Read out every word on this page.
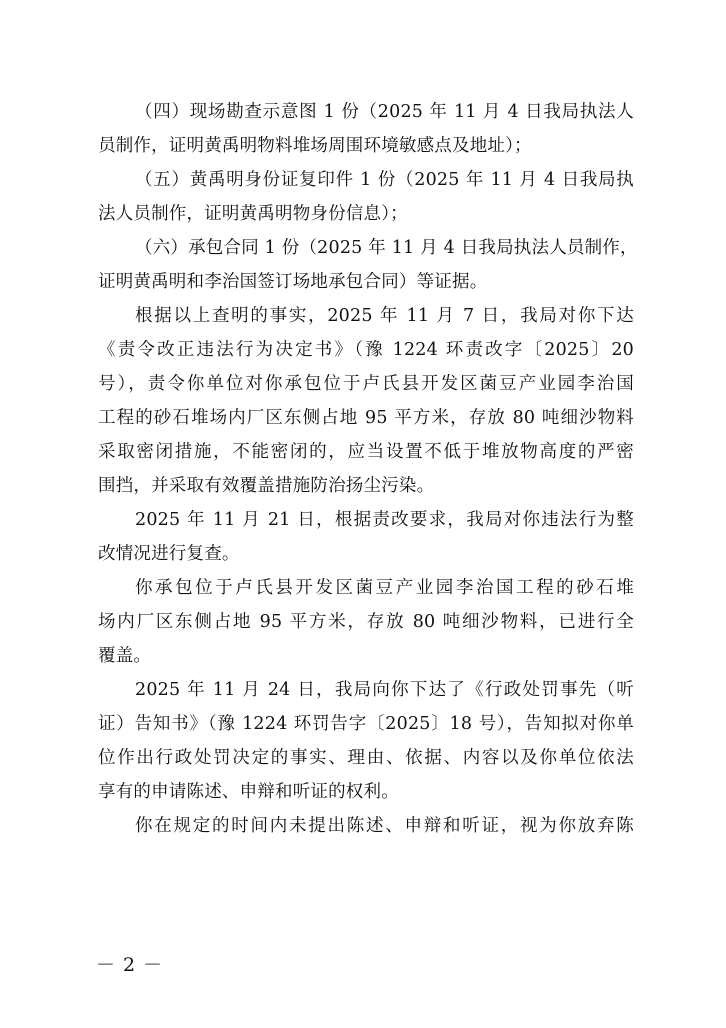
（四）现场勘查示意图 1 份（2025 年 11 月 4 日我局执法人
员制作，证明黄禹明物料堆场周围环境敏感点及地址）；
（五）黄禹明身份证复印件 1 份（2025 年 11 月 4 日我局执
法人员制作，证明黄禹明物身份信息）；
（六）承包合同 1 份（2025 年 11 月 4 日我局执法人员制作，
证明黄禹明和李治国签订场地承包合同）等证据。
根据以上查明的事实，2025 年 11 月 7 日，我局对你下达
《责令改正违法行为决定书》（豫 1224 环责改字〔2025〕20
号），责令你单位对你承包位于卢氏县开发区菌豆产业园李治国
工程的砂石堆场内厂区东侧占地 95 平方米，存放 80 吨细沙物料
采取密闭措施，不能密闭的，应当设置不低于堆放物高度的严密
围挡，并采取有效覆盖措施防治扬尘污染。
2025 年 11 月 21 日，根据责改要求，我局对你违法行为整
改情况进行复查。
你承包位于卢氏县开发区菌豆产业园李治国工程的砂石堆
场内厂区东侧占地 95 平方米，存放 80 吨细沙物料，已进行全
覆盖。
2025 年 11 月 24 日，我局向你下达了《行政处罚事先（听
证）告知书》（豫 1224 环罚告字〔2025〕18 号），告知拟对你单
位作出行政处罚决定的事实、理由、依据、内容以及你单位依法
享有的申请陈述、申辩和听证的权利。
你在规定的时间内未提出陈述、申辩和听证，视为你放弃陈
－ 2 －
